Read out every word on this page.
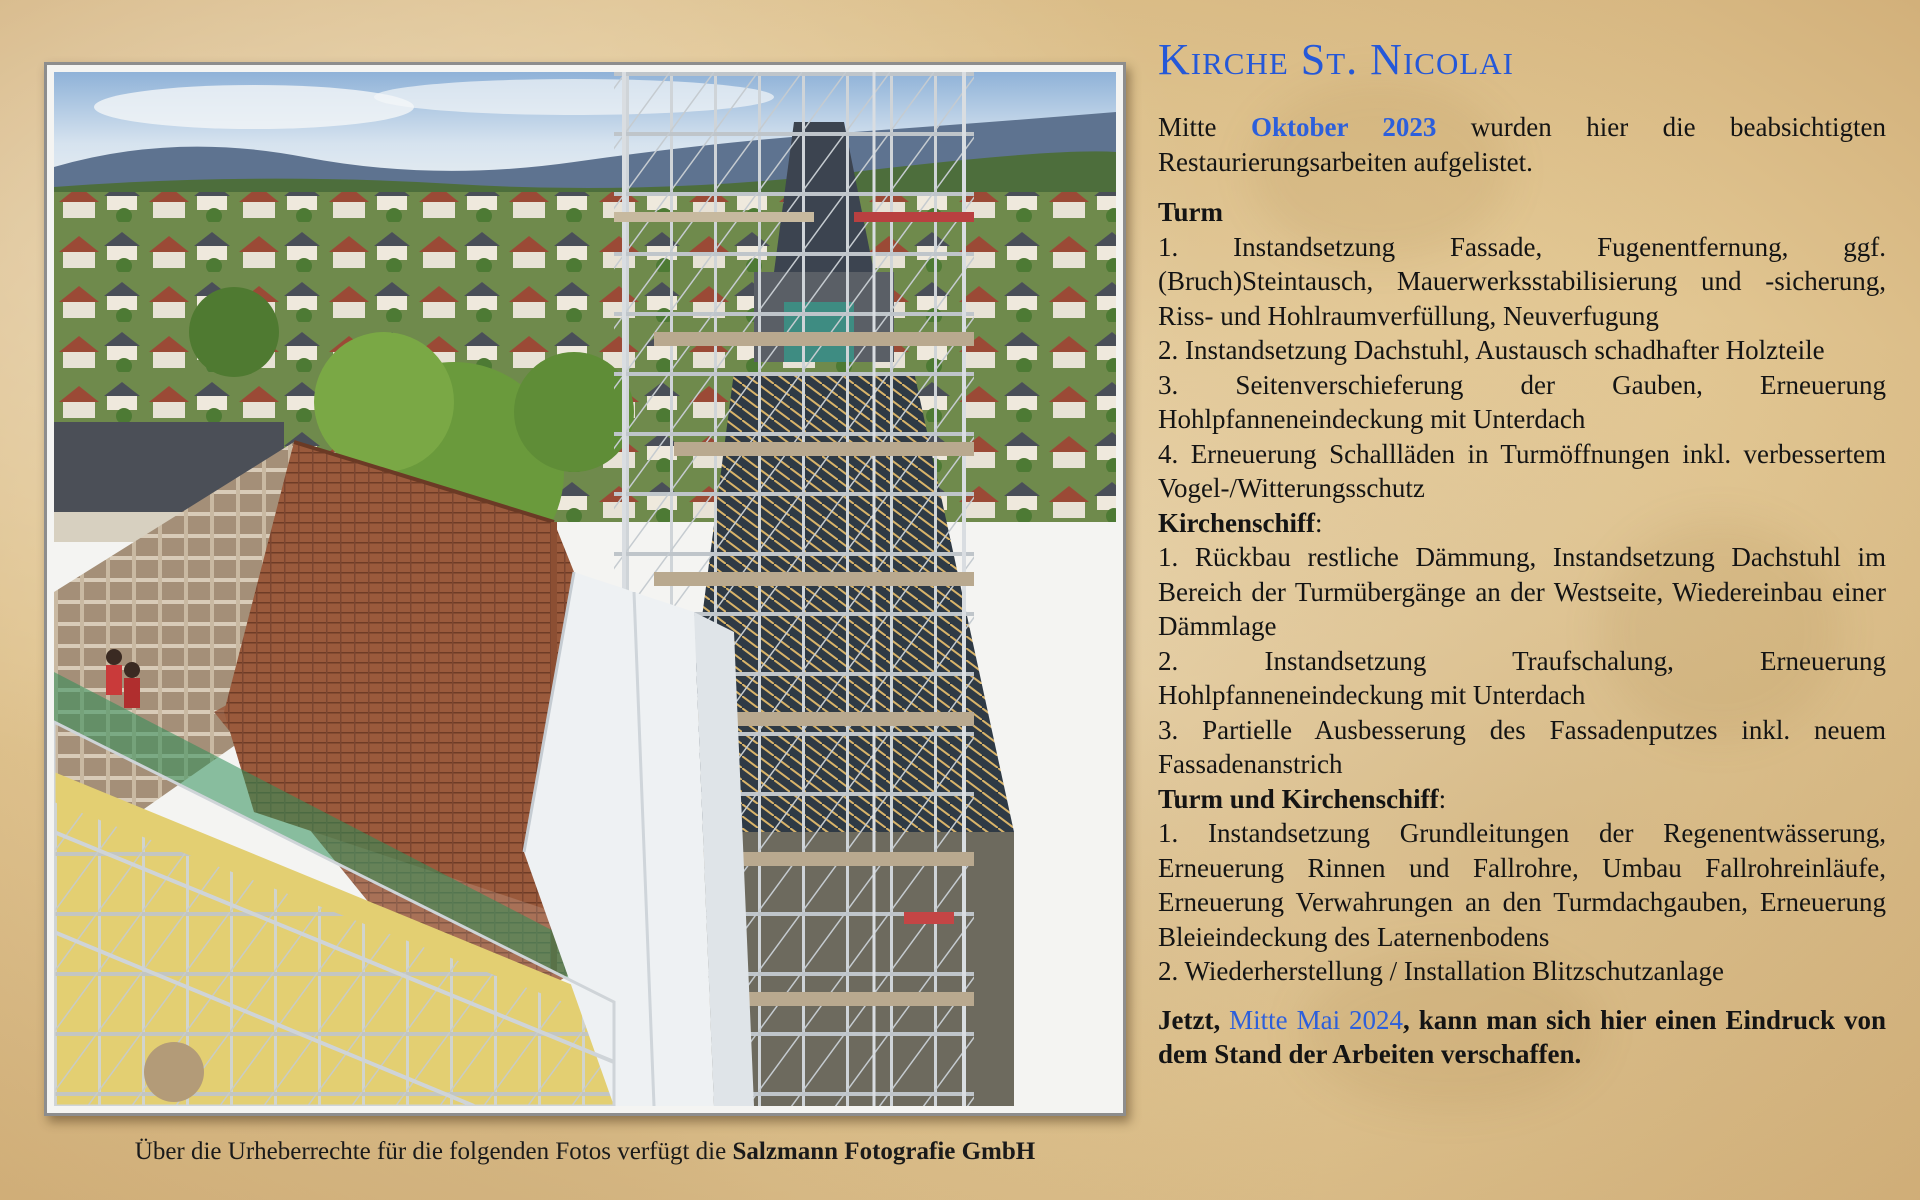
Über die Urheberrechte für die folgenden Fotos verfügt die Salzmann Fotografie GmbH
Kirche St. Nicolai

Mitte Oktober 2023 wurden hier die beabsichtigten Restaurierungsarbeiten aufgelistet.

Turm
1. Instandsetzung Fassade, Fugenentfernung, ggf. (Bruch)Steintausch, Mauerwerksstabilisierung und -sicherung, Riss- und Hohlraumverfüllung, Neuverfugung
2. Instandsetzung Dachstuhl, Austausch schadhafter Holzteile
3. Seitenverschieferung der Gauben, Erneuerung Hohlpfanneneindeckung mit Unterdach
4. Erneuerung Schallläden in Turmöffnungen inkl. verbessertem Vogel-/Witterungsschutz
Kirchenschiff:
1. Rückbau restliche Dämmung, Instandsetzung Dachstuhl im Bereich der Turmübergänge an der Westseite, Wiedereinbau einer Dämmlage
2. Instandsetzung Traufschalung, Erneuerung Hohlpfanneneindeckung mit Unterdach
3. Partielle Ausbesserung des Fassadenputzes inkl. neuem Fassadenanstrich
Turm und Kirchenschiff:
1. Instandsetzung Grundleitungen der Regenentwässerung, Erneuerung Rinnen und Fallrohre, Umbau Fallrohreinläufe, Erneuerung Verwahrungen an den Turmdachgauben, Erneuerung Bleieindeckung des Laternenbodens
2. Wiederherstellung / Installation Blitzschutzanlage

Jetzt, Mitte Mai 2024, kann man sich hier einen Eindruck von dem Stand der Arbeiten verschaffen.
